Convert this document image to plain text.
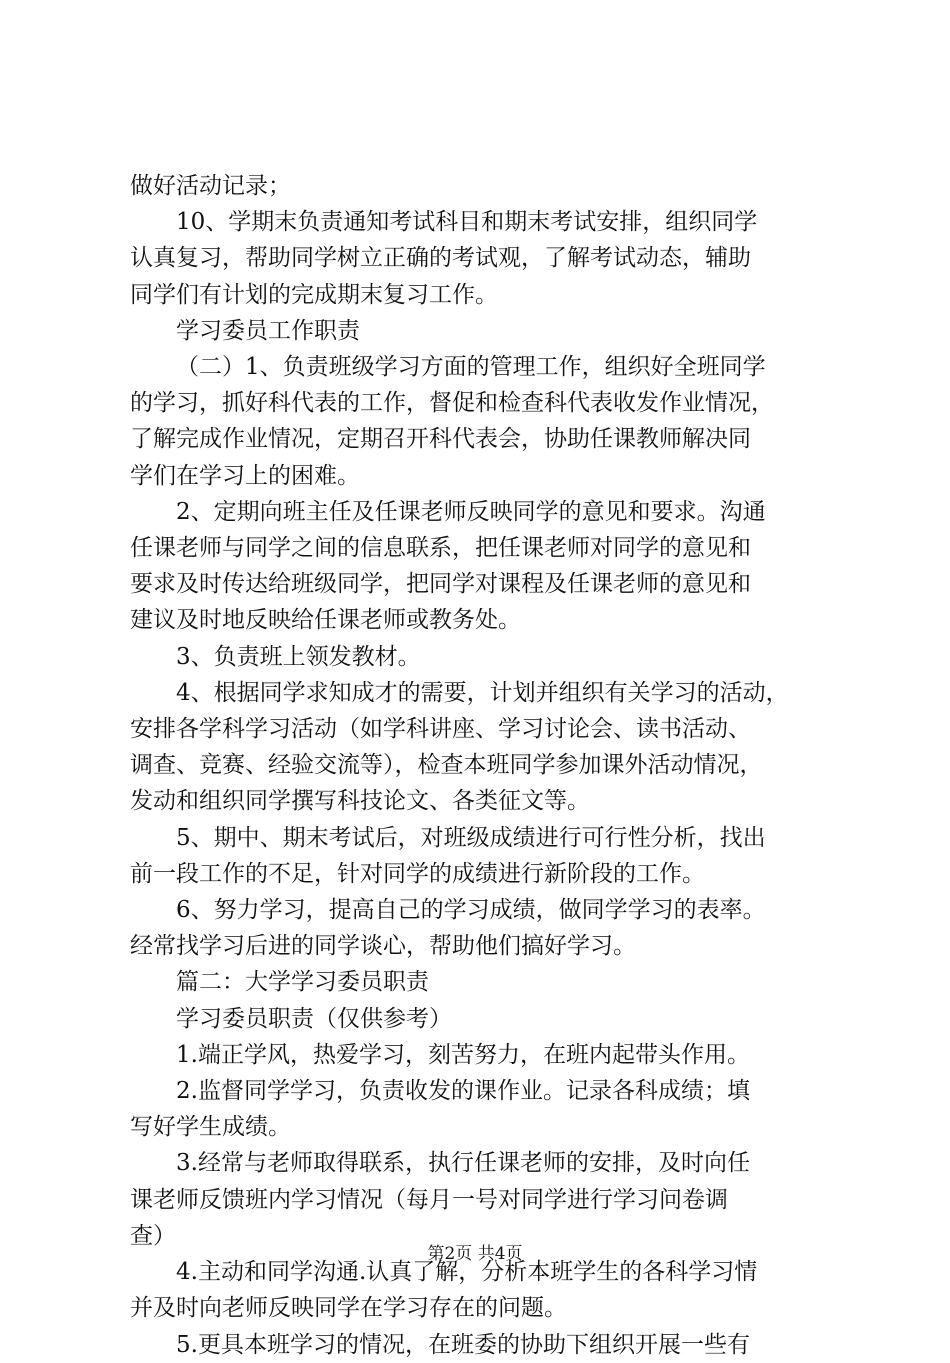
做好活动记录；
10、学期末负责通知考试科目和期末考试安排，组织同学
认真复习，帮助同学树立正确的考试观，了解考试动态，辅助
同学们有计划的完成期末复习工作。
学习委员工作职责
（二）1、负责班级学习方面的管理工作，组织好全班同学
的学习，抓好科代表的工作，督促和检查科代表收发作业情况，
了解完成作业情况，定期召开科代表会，协助任课教师解决同
学们在学习上的困难。
2、定期向班主任及任课老师反映同学的意见和要求。沟通
任课老师与同学之间的信息联系，把任课老师对同学的意见和
要求及时传达给班级同学，把同学对课程及任课老师的意见和
建议及时地反映给任课老师或教务处。
3、负责班上领发教材。
4、根据同学求知成才的需要，计划并组织有关学习的活动，
安排各学科学习活动（如学科讲座、学习讨论会、读书活动、
调查、竞赛、经验交流等），检查本班同学参加课外活动情况，
发动和组织同学撰写科技论文、各类征文等。
5、期中、期末考试后，对班级成绩进行可行性分析，找出
前一段工作的不足，针对同学的成绩进行新阶段的工作。
6、努力学习，提高自己的学习成绩，做同学学习的表率。
经常找学习后进的同学谈心，帮助他们搞好学习。
篇二：大学学习委员职责
学习委员职责（仅供参考）
1.端正学风，热爱学习，刻苦努力，在班内起带头作用。
2.监督同学学习，负责收发的课作业。记录各科成绩；填
写好学生成绩。
3.经常与老师取得联系，执行任课老师的安排，及时向任
课老师反馈班内学习情况（每月一号对同学进行学习问卷调
查）
4.主动和同学沟通.认真了解，分析本班学生的各科学习情
并及时向老师反映同学在学习存在的问题。
5.更具本班学习的情况，在班委的协助下组织开展一些有
第2页 共4页
